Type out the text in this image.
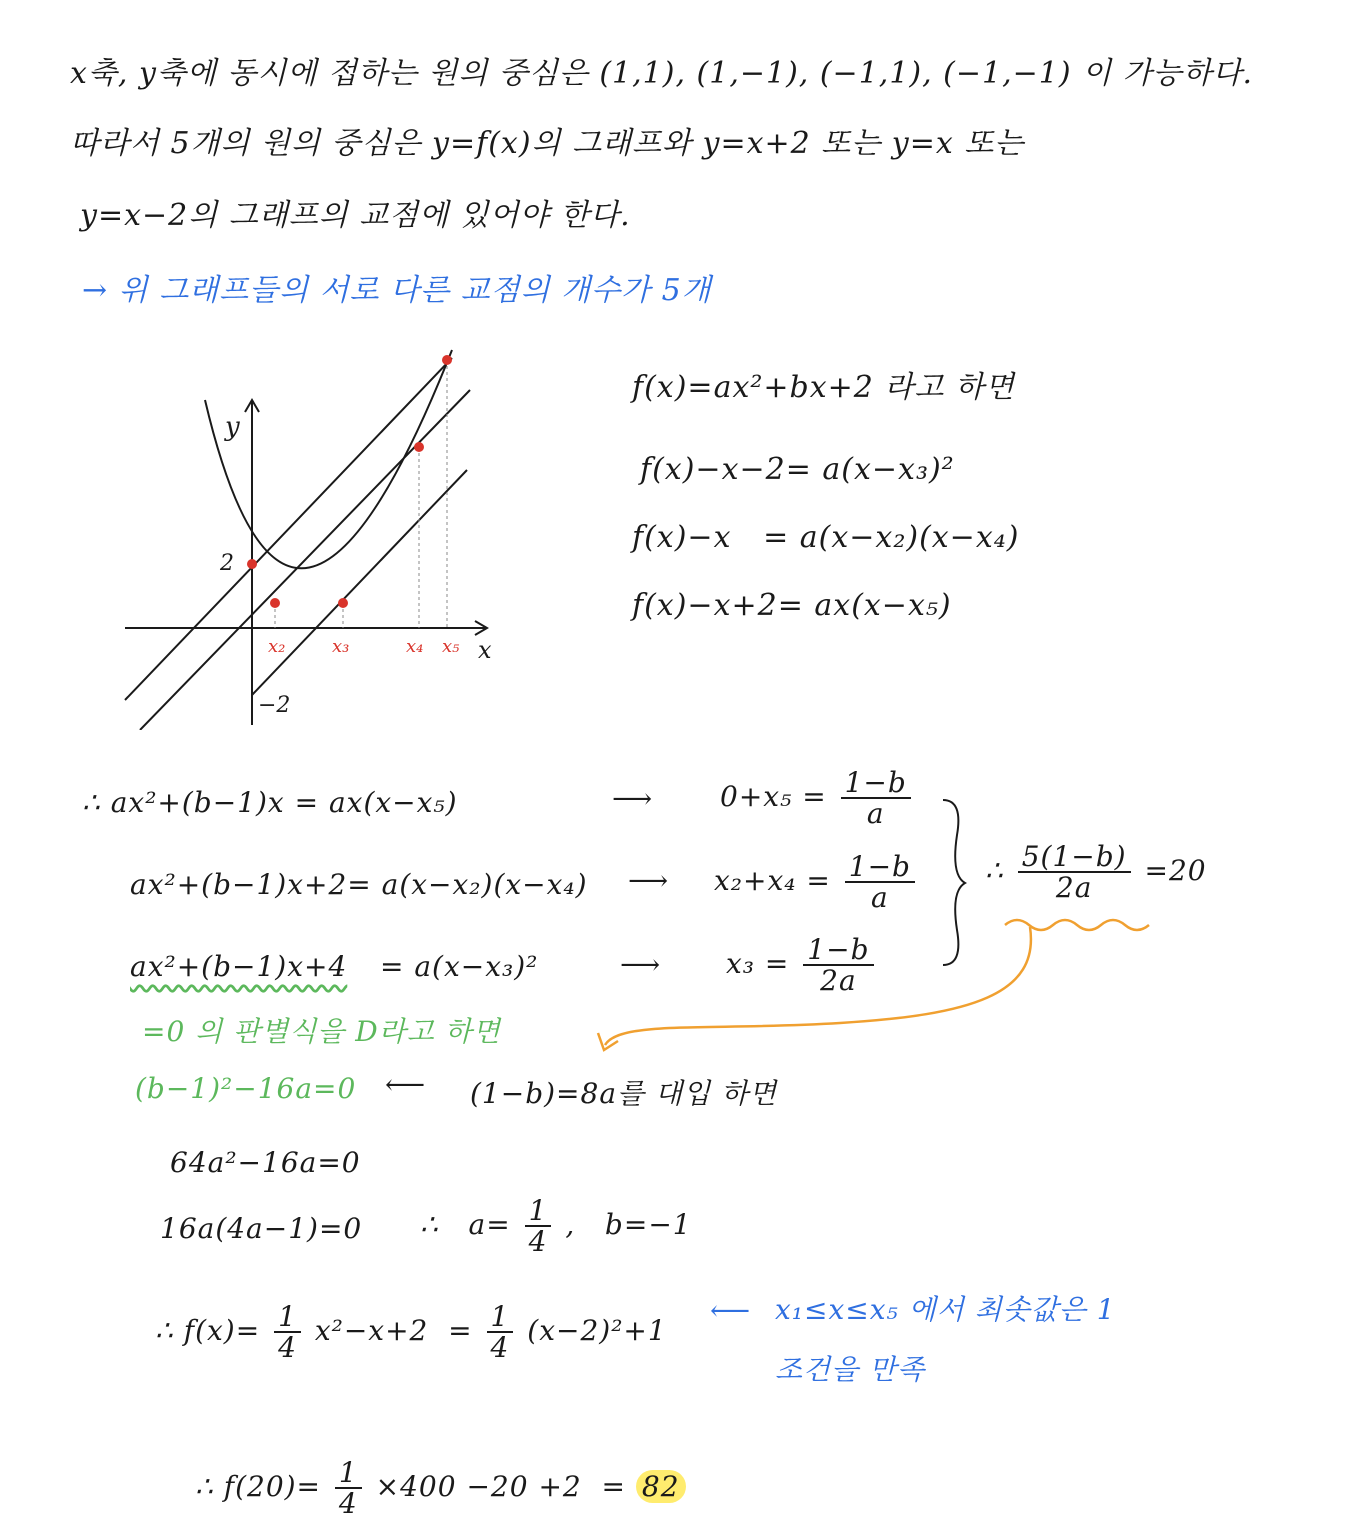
x축, y축에 동시에 접하는 원의 중심은 (1,1), (1,−1), (−1,1), (−1,−1) 이 가능하다.
따라서 5개의 원의 중심은 y=f(x)의 그래프와 y=x+2 또는 y=x 또는
y=x−2의 그래프의 교점에 있어야 한다.
→ 위 그래프들의 서로 다른 교점의 개수가 5개
y
x
2
−2
x₂	x₃	x₄ x₅
f(x)=ax²+bx+2 라고 하면
f(x)−x−2= a(x−x₃)²
f(x)−x   = a(x−x₂)(x−x₄)
f(x)−x+2= ax(x−x₅)
∴ ax²+(b−1)x = ax(x−x₅)	⟶ $0+x_5 = \frac{1-b}{a}$
ax²+(b−1)x+2= a(x−x₂)(x−x₄) ⟶ $x_2+x_4 = \frac{1-b}{a}$
ax²+(b−1)x+4 = a(x−x₃)²	⟶ $x_3 = \frac{1-b}{2a}$
∴ $\frac{5(1-b)}{2a} =20$
=0 의 판별식을 D라고 하면
(b−1)²−16a=0 ⟵ (1−b)=8a를 대입 하면
64a²−16a=0
16a(4a−1)=0 ∴ $a= \frac{1}{4}$ ,   b=−1
∴ $f(x)= \frac{1}{4} x^2-x+2 = \frac{1}{4} (x-2)^2+1$
⟵ x₁≤x≤x₅ 에서 최솟값은 1
조건을 만족
∴ $f(20)= \frac{1}{4} \times 400 -20 +2 = 82$
